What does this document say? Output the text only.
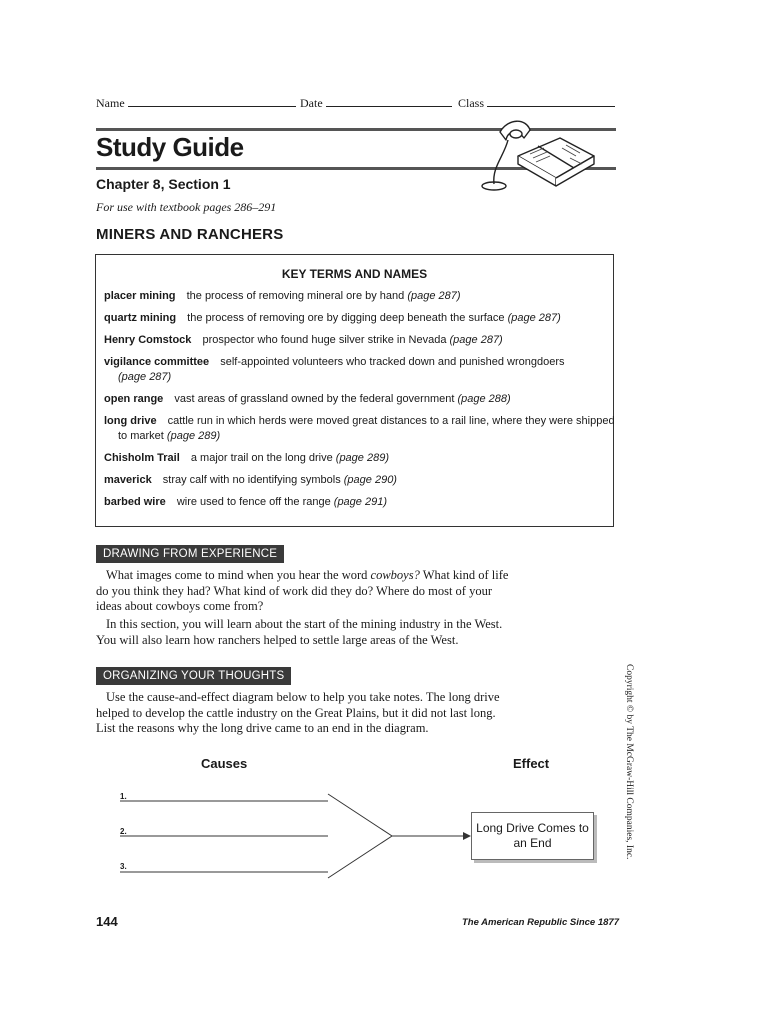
Name	Date	Class
Study Guide
Chapter 8, Section 1
For use with textbook pages 286–291
MINERS AND RANCHERS
KEY TERMS AND NAMES
placer mining the process of removing mineral ore by hand (page 287)
quartz mining the process of removing ore by digging deep beneath the surface (page 287)
Henry Comstock prospector who found huge silver strike in Nevada (page 287)
vigilance committee self-appointed volunteers who tracked down and punished wrongdoers
(page 287)
open range vast areas of grassland owned by the federal government (page 288)
long drive cattle run in which herds were moved great distances to a rail line, where they were shipped to market (page 289)
Chisholm Trail a major trail on the long drive (page 289)
maverick stray calf with no identifying symbols (page 290)
barbed wire wire used to fence off the range (page 291)
DRAWING FROM EXPERIENCE
What images come to mind when you hear the word cowboys? What kind of life do you think they had? What kind of work did they do? Where do most of your ideas about cowboys come from?
In this section, you will learn about the start of the mining industry in the West. You will also learn how ranchers helped to settle large areas of the West.
ORGANIZING YOUR THOUGHTS
Use the cause-and-effect diagram below to help you take notes. The long drive helped to develop the cattle industry on the Great Plains, but it did not last long. List the reasons why the long drive came to an end in the diagram.
Causes	Effect
1.
2.
3.
Long Drive Comes to an End	Copyright © by The McGraw-Hill Companies, Inc.
144	The American Republic Since 1877
